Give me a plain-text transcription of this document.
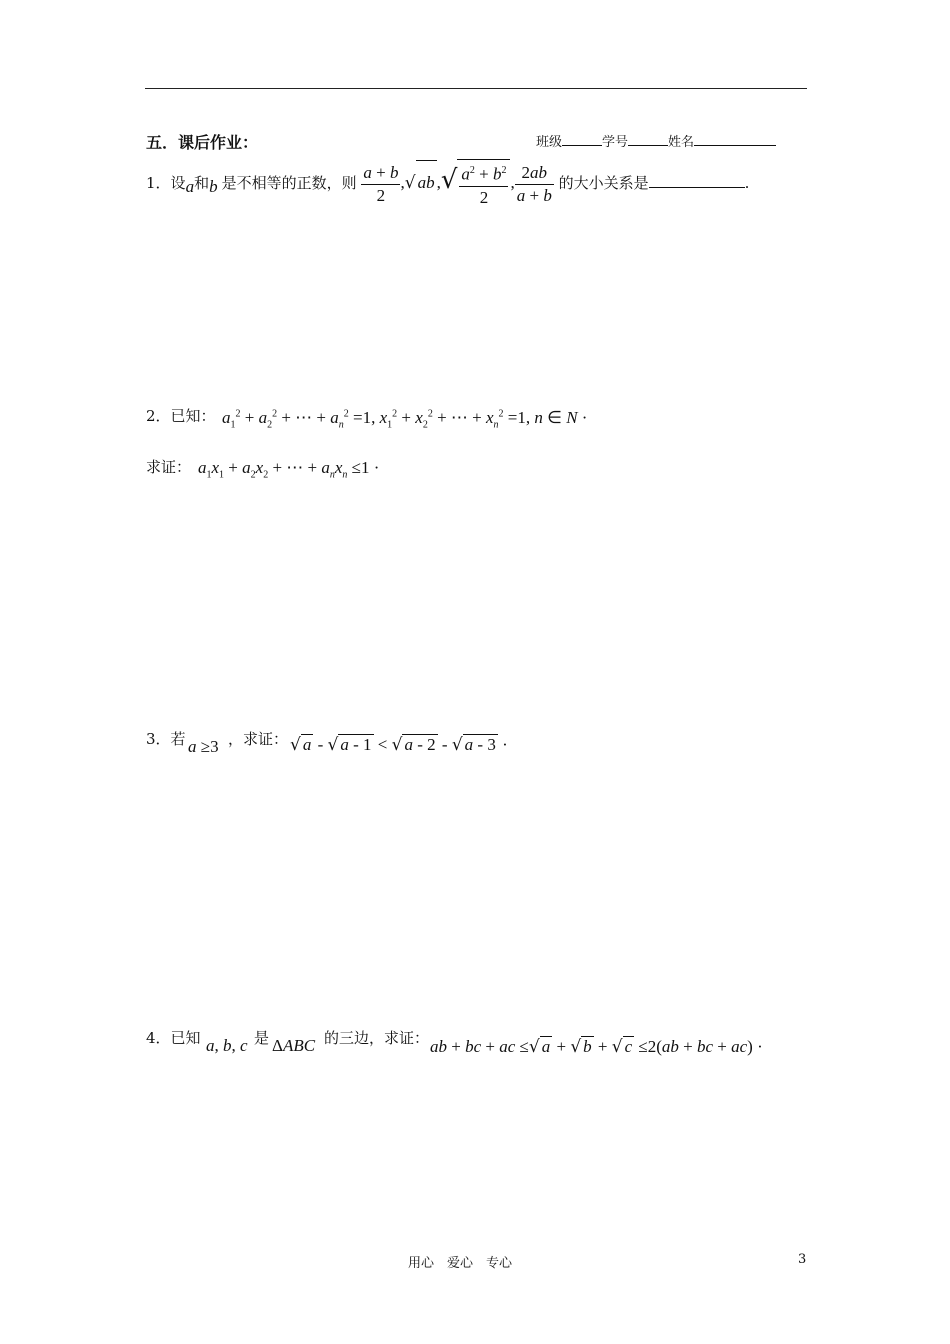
五．课后作业：	班级	学号	姓名
1．设a和b 是不相等的正数，则 $\frac{a + b}{2}$ ,√ ab ,√ $\frac{a^2 + b^2}{2}$ , $\frac{2ab}{a + b}$ 的大小关系是	.
2．已知： $a_1^2 + a_2^2$ + ⋯ + $a_n^2 =1$, $x_1^2 + x_2^2$ + ⋯ + $x_n^2 =1$, n ∈ N ·
求证： $a_1x_1 + a_2x_2$ + ⋯ + $a_nx_n \le 1$ ·
3．若 a ≥3 ，求证： √ a - √ a - 1 < √ a - 2 - √ a - 3 ·
4．已知 a, b, c 是 ΔABC 的三边，求证： ab + bc + ac ≤√ a + √ b + √ c ≤2(ab + bc + ac) ·
用心　爱心　专心	3
